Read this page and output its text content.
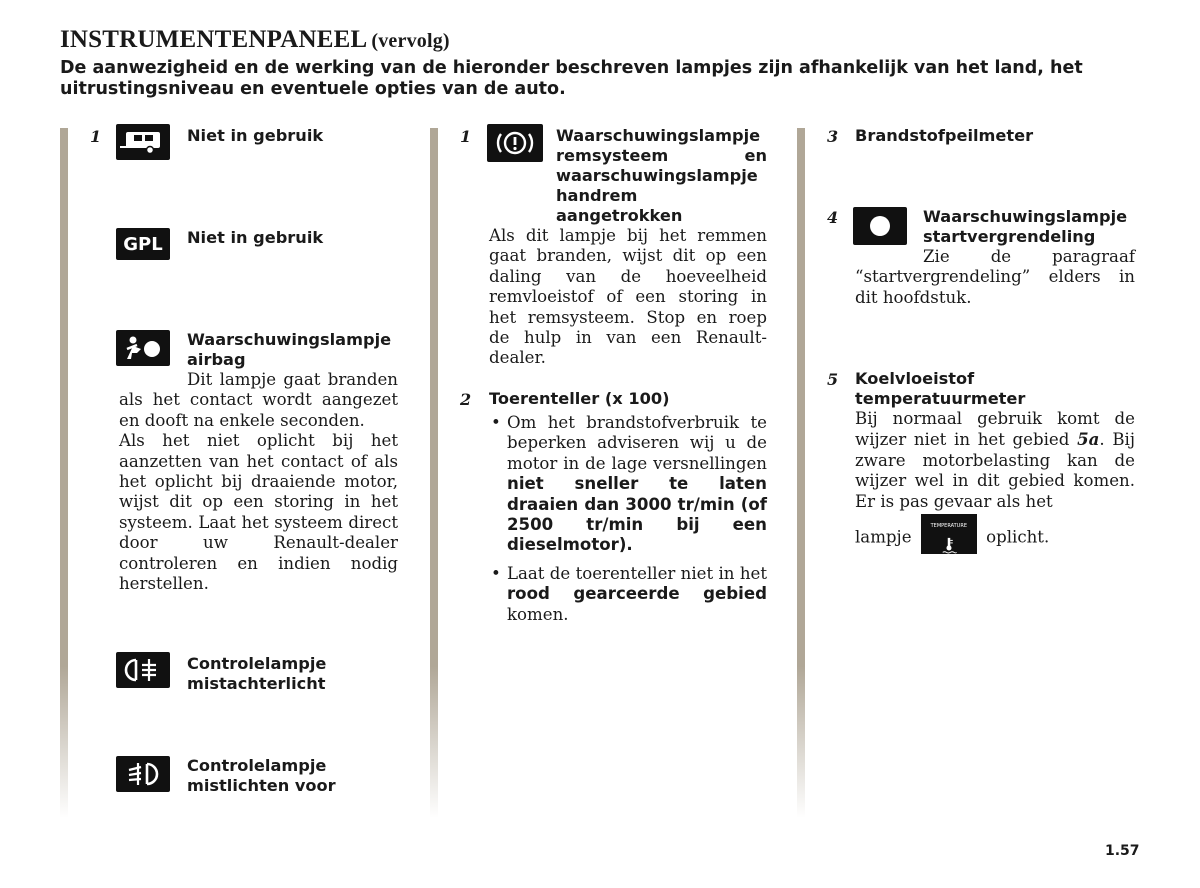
INSTRUMENTENPANEEL (vervolg)
De aanwezigheid en de werking van de hieronder beschreven lampjes zijn afhankelijk van het land, het uitrustingsniveau en eventuele opties van de auto.
1	Niet in gebruik
GPL	Niet in gebruik
Waarschuwingslampje airbag
Dit lampje gaat branden als het contact wordt aangezet en dooft na enkele seconden.
Als het niet oplicht bij het aanzetten van het contact of als het oplicht bij draaiende motor, wijst dit op een storing in het systeem. Laat het systeem direct door uw Renault-dealer controleren en indien nodig herstellen.
Controlelampje mistachterlicht
Controlelampje mistlichten voor
1	Waarschuwingslampje remsysteem en waarschuwingslampje handrem aangetrokken
Als dit lampje bij het remmen gaat branden, wijst dit op een daling van de hoeveelheid remvloeistof of een storing in het remsysteem. Stop en roep de hulp in van een Renault-dealer.
2 Toerenteller (x 100)
• Om het brandstofverbruik te beperken adviseren wij u de motor in de lage versnellingen niet sneller te laten draaien dan 3000 tr/min (of 2500 tr/min bij een dieselmotor).
• Laat de toerenteller niet in het rood gearceerde gebied komen.
3 Brandstofpeilmeter
4	Waarschuwingslampje startvergrendeling
Zie de paragraaf “startvergrendeling” elders in dit hoofdstuk.
5 Koelvloeistof temperatuurmeter
Bij normaal gebruik komt de wijzer niet in het gebied 5a. Bij zware motorbelasting kan de wijzer wel in dit gebied komen. Er is pas gevaar als het
lampje
TEMPERATURE
oplicht.
1.57
